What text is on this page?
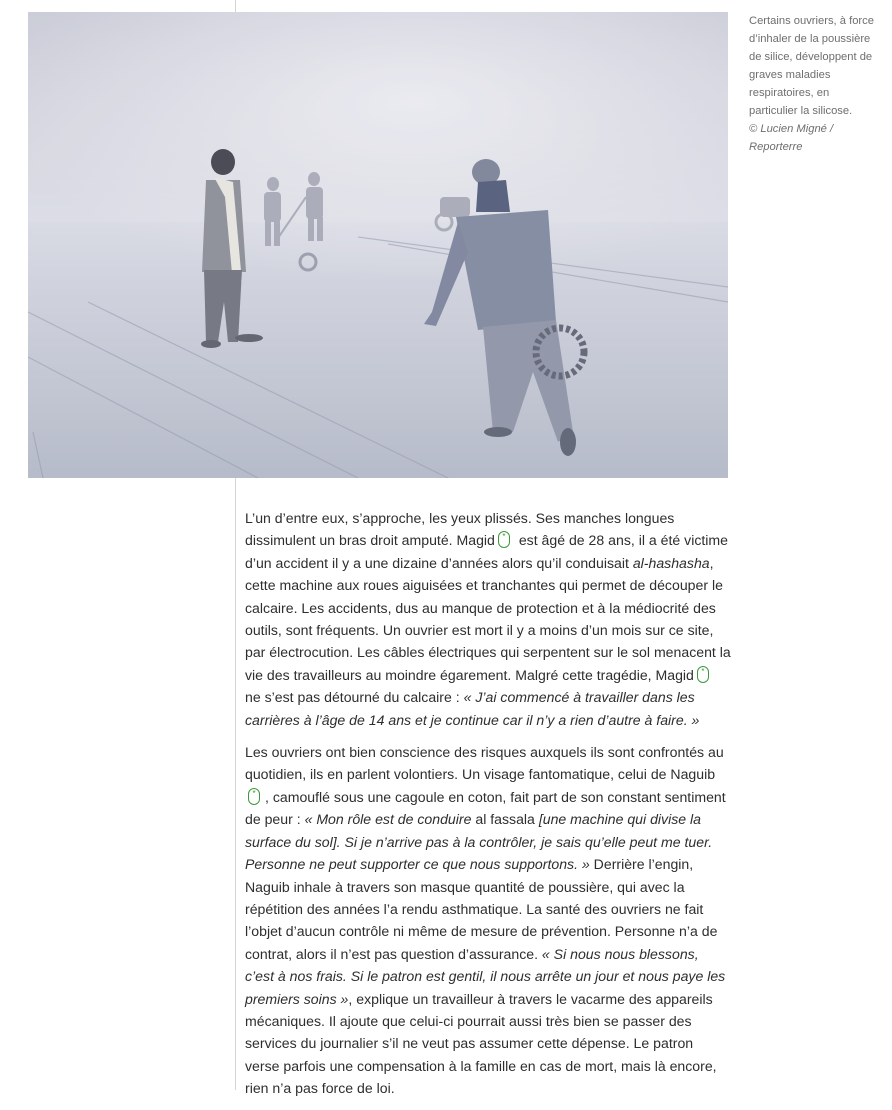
Certains ouvriers, à force d’inhaler de la poussière de silice, développent de graves maladies respiratoires, en particulier la silicose.
© Lucien Migné / Reporterre

L’un d’entre eux, s’approche, les yeux plissés. Ses manches longues dissimulent un bras droit amputé. Magid* est âgé de 28 ans, il a été victime d’un accident il y a une dizaine d’années alors qu’il conduisait al-hashasha, cette machine aux roues aiguisées et tranchantes qui permet de découper le calcaire. Les accidents, dus au manque de protection et à la médiocrité des outils, sont fréquents. Un ouvrier est mort il y a moins d’un mois sur ce site, par électrocution. Les câbles électriques qui serpentent sur le sol menacent la vie des travailleurs au moindre égarement. Malgré cette tragédie, Magid* ne s’est pas détourné du calcaire : « J’ai commencé à travailler dans les carrières à l’âge de 14 ans et je continue car il n’y a rien d’autre à faire. »

Les ouvriers ont bien conscience des risques auxquels ils sont confrontés au quotidien, ils en parlent volontiers. Un visage fantomatique, celui de Naguib*, camouflé sous une cagoule en coton, fait part de son constant sentiment de peur : « Mon rôle est de conduire al fassala [une machine qui divise la surface du sol]. Si je n’arrive pas à la contrôler, je sais qu’elle peut me tuer. Personne ne peut supporter ce que nous supportons. » Derrière l’engin, Naguib inhale à travers son masque quantité de poussière, qui avec la répétition des années l’a rendu asthmatique. La santé des ouvriers ne fait l’objet d’aucun contrôle ni même de mesure de prévention. Personne n’a de contrat, alors il n’est pas question d’assurance. « Si nous nous blessons, c’est à nos frais. Si le patron est gentil, il nous arrête un jour et nous paye les premiers soins », explique un travailleur à travers le vacarme des appareils mécaniques. Il ajoute que celui-ci pourrait aussi très bien se passer des services du journalier s’il ne veut pas assumer cette dépense. Le patron verse parfois une compensation à la famille en cas de mort, mais là encore, rien n’a pas force de loi.
